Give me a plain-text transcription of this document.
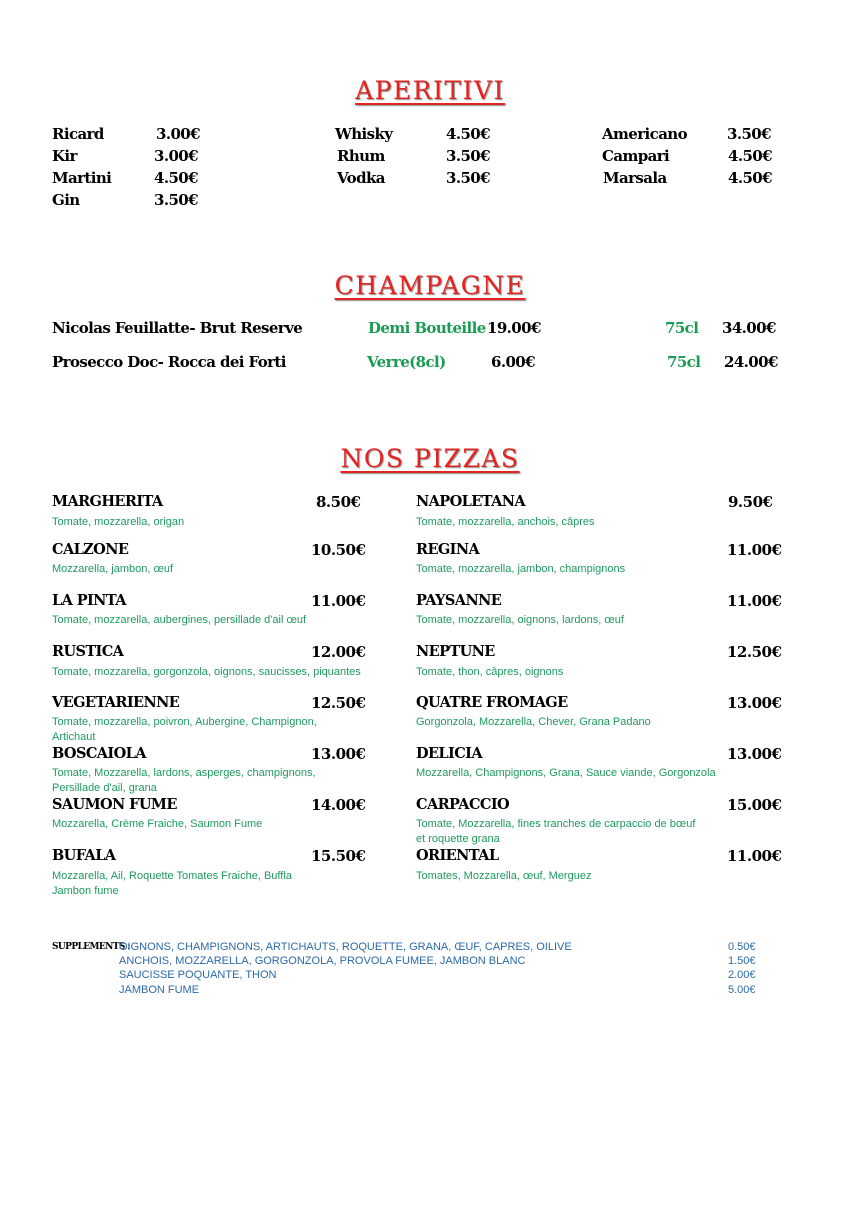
APERITIVI
Ricard	3.00€
Kir	3.00€
Martini	4.50€
Gin	3.50€
Whisky	4.50€
Rhum	3.50€
Vodka	3.50€
Americano	3.50€
Campari	4.50€
Marsala	4.50€
CHAMPAGNE
Nicolas Feuillatte- Brut Reserve	Demi Bouteille 19.00€	75cl 34.00€
Prosecco Doc- Rocca dei Forti	Verre(8cl)	6.00€	75cl 24.00€
NOS PIZZAS
MARGHERITA	8.50€
Tomate, mozzarella, origan
CALZONE	10.50€
Mozzarella, jambon, œuf
LA PINTA	11.00€
Tomate, mozzarella, aubergines, persillade d'ail œuf
RUSTICA	12.00€
Tomate, mozzarella, gorgonzola, oignons, saucisses, piquantes
VEGETARIENNE	12.50€
Tomate, mozzarella, poivron, Aubergine, Champignon,
Artichaut
BOSCAIOLA	13.00€
Tomate, Mozzarella, lardons, asperges, champignons,
Persillade d'ail, grana
SAUMON FUME	14.00€
Mozzarella, Crème Fraiche, Saumon Fume
BUFALA	15.50€
Mozzarella, Ail, Roquette Tomates Fraiche, Buffla
Jambon fume
NAPOLETANA	9.50€
Tomate, mozzarella, anchois, câpres
REGINA	11.00€
Tomate, mozzarella, jambon, champignons
PAYSANNE	11.00€
Tomate, mozzarella, oignons, lardons, œuf
NEPTUNE	12.50€
Tomate, thon, câpres, oignons
QUATRE FROMAGE	13.00€
Gorgonzola, Mozzarella, Chever, Grana Padano
DELICIA	13.00€
Mozzarella, Champignons, Grana, Sauce viande, Gorgonzola
CARPACCIO	15.00€
Tomate, Mozzarella, fines tranches de carpaccio de bœuf
et roquette grana
ORIENTAL	11.00€
Tomates, Mozzarella, œuf, Merguez
SUPPLEMENTS :
OIGNONS, CHAMPIGNONS, ARTICHAUTS, ROQUETTE, GRANA, ŒUF, CAPRES, OILIVE	0.50€
ANCHOIS, MOZZARELLA, GORGONZOLA, PROVOLA FUMEE, JAMBON BLANC	1.50€
SAUCISSE POQUANTE, THON	2.00€
JAMBON FUME	5.00€
